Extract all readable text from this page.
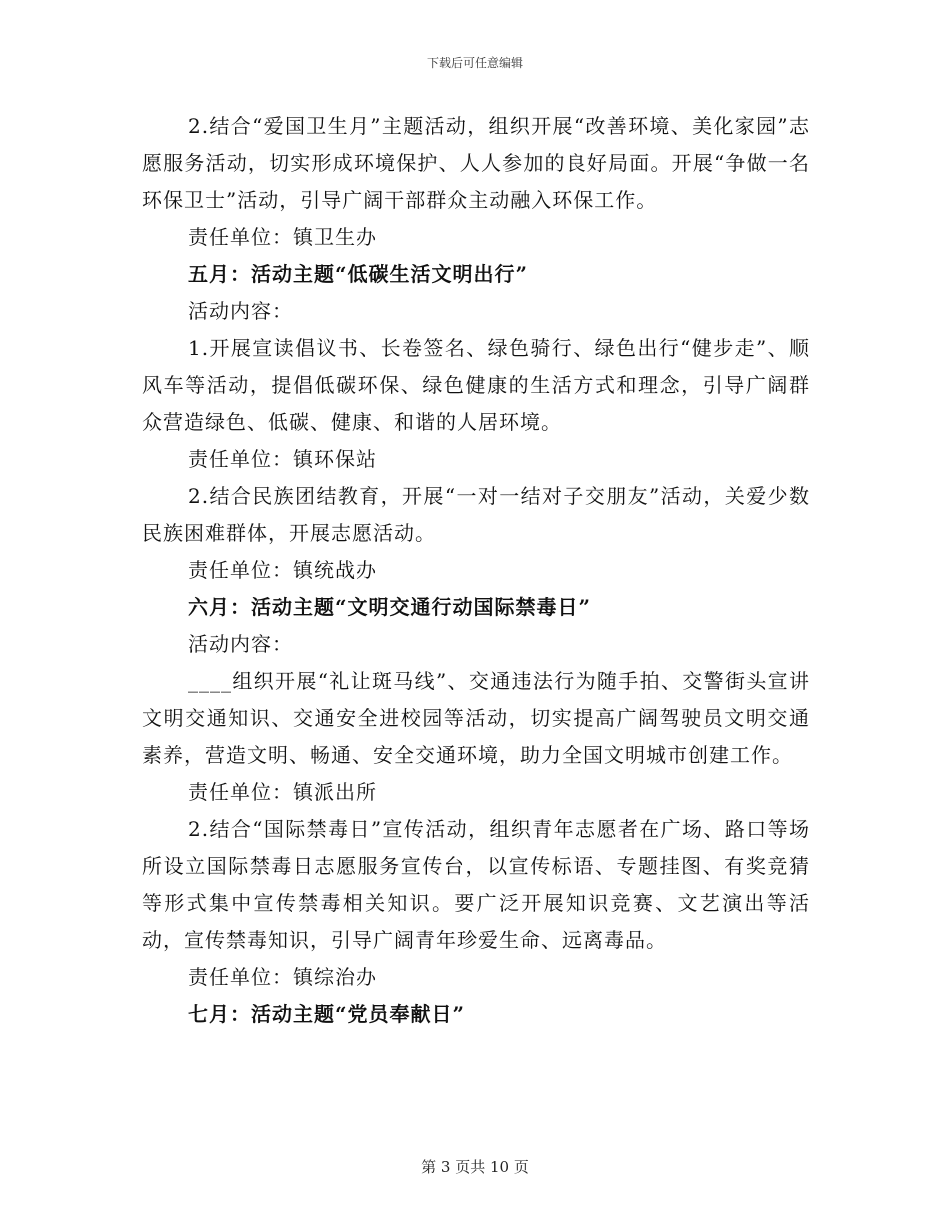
下载后可任意编辑

2.结合“爱国卫生月”主题活动，组织开展“改善环境、美化家园”志愿服务活动，切实形成环境保护、人人参加的良好局面。开展“争做一名环保卫士”活动，引导广阔干部群众主动融入环保工作。

责任单位：镇卫生办

五月：活动主题“低碳生活文明出行”

活动内容：

1.开展宣读倡议书、长卷签名、绿色骑行、绿色出行“健步走”、顺风车等活动，提倡低碳环保、绿色健康的生活方式和理念，引导广阔群众营造绿色、低碳、健康、和谐的人居环境。

责任单位：镇环保站

2.结合民族团结教育，开展“一对一结对子交朋友”活动，关爱少数民族困难群体，开展志愿活动。

责任单位：镇统战办

六月：活动主题“文明交通行动国际禁毒日”

活动内容：

____组织开展“礼让斑马线”、交通违法行为随手拍、交警街头宣讲文明交通知识、交通安全进校园等活动，切实提高广阔驾驶员文明交通素养，营造文明、畅通、安全交通环境，助力全国文明城市创建工作。

责任单位：镇派出所

2.结合“国际禁毒日”宣传活动，组织青年志愿者在广场、路口等场所设立国际禁毒日志愿服务宣传台，以宣传标语、专题挂图、有奖竞猜等形式集中宣传禁毒相关知识。要广泛开展知识竞赛、文艺演出等活动，宣传禁毒知识，引导广阔青年珍爱生命、远离毒品。

责任单位：镇综治办

七月：活动主题“党员奉献日”

第 3 页共 10 页
